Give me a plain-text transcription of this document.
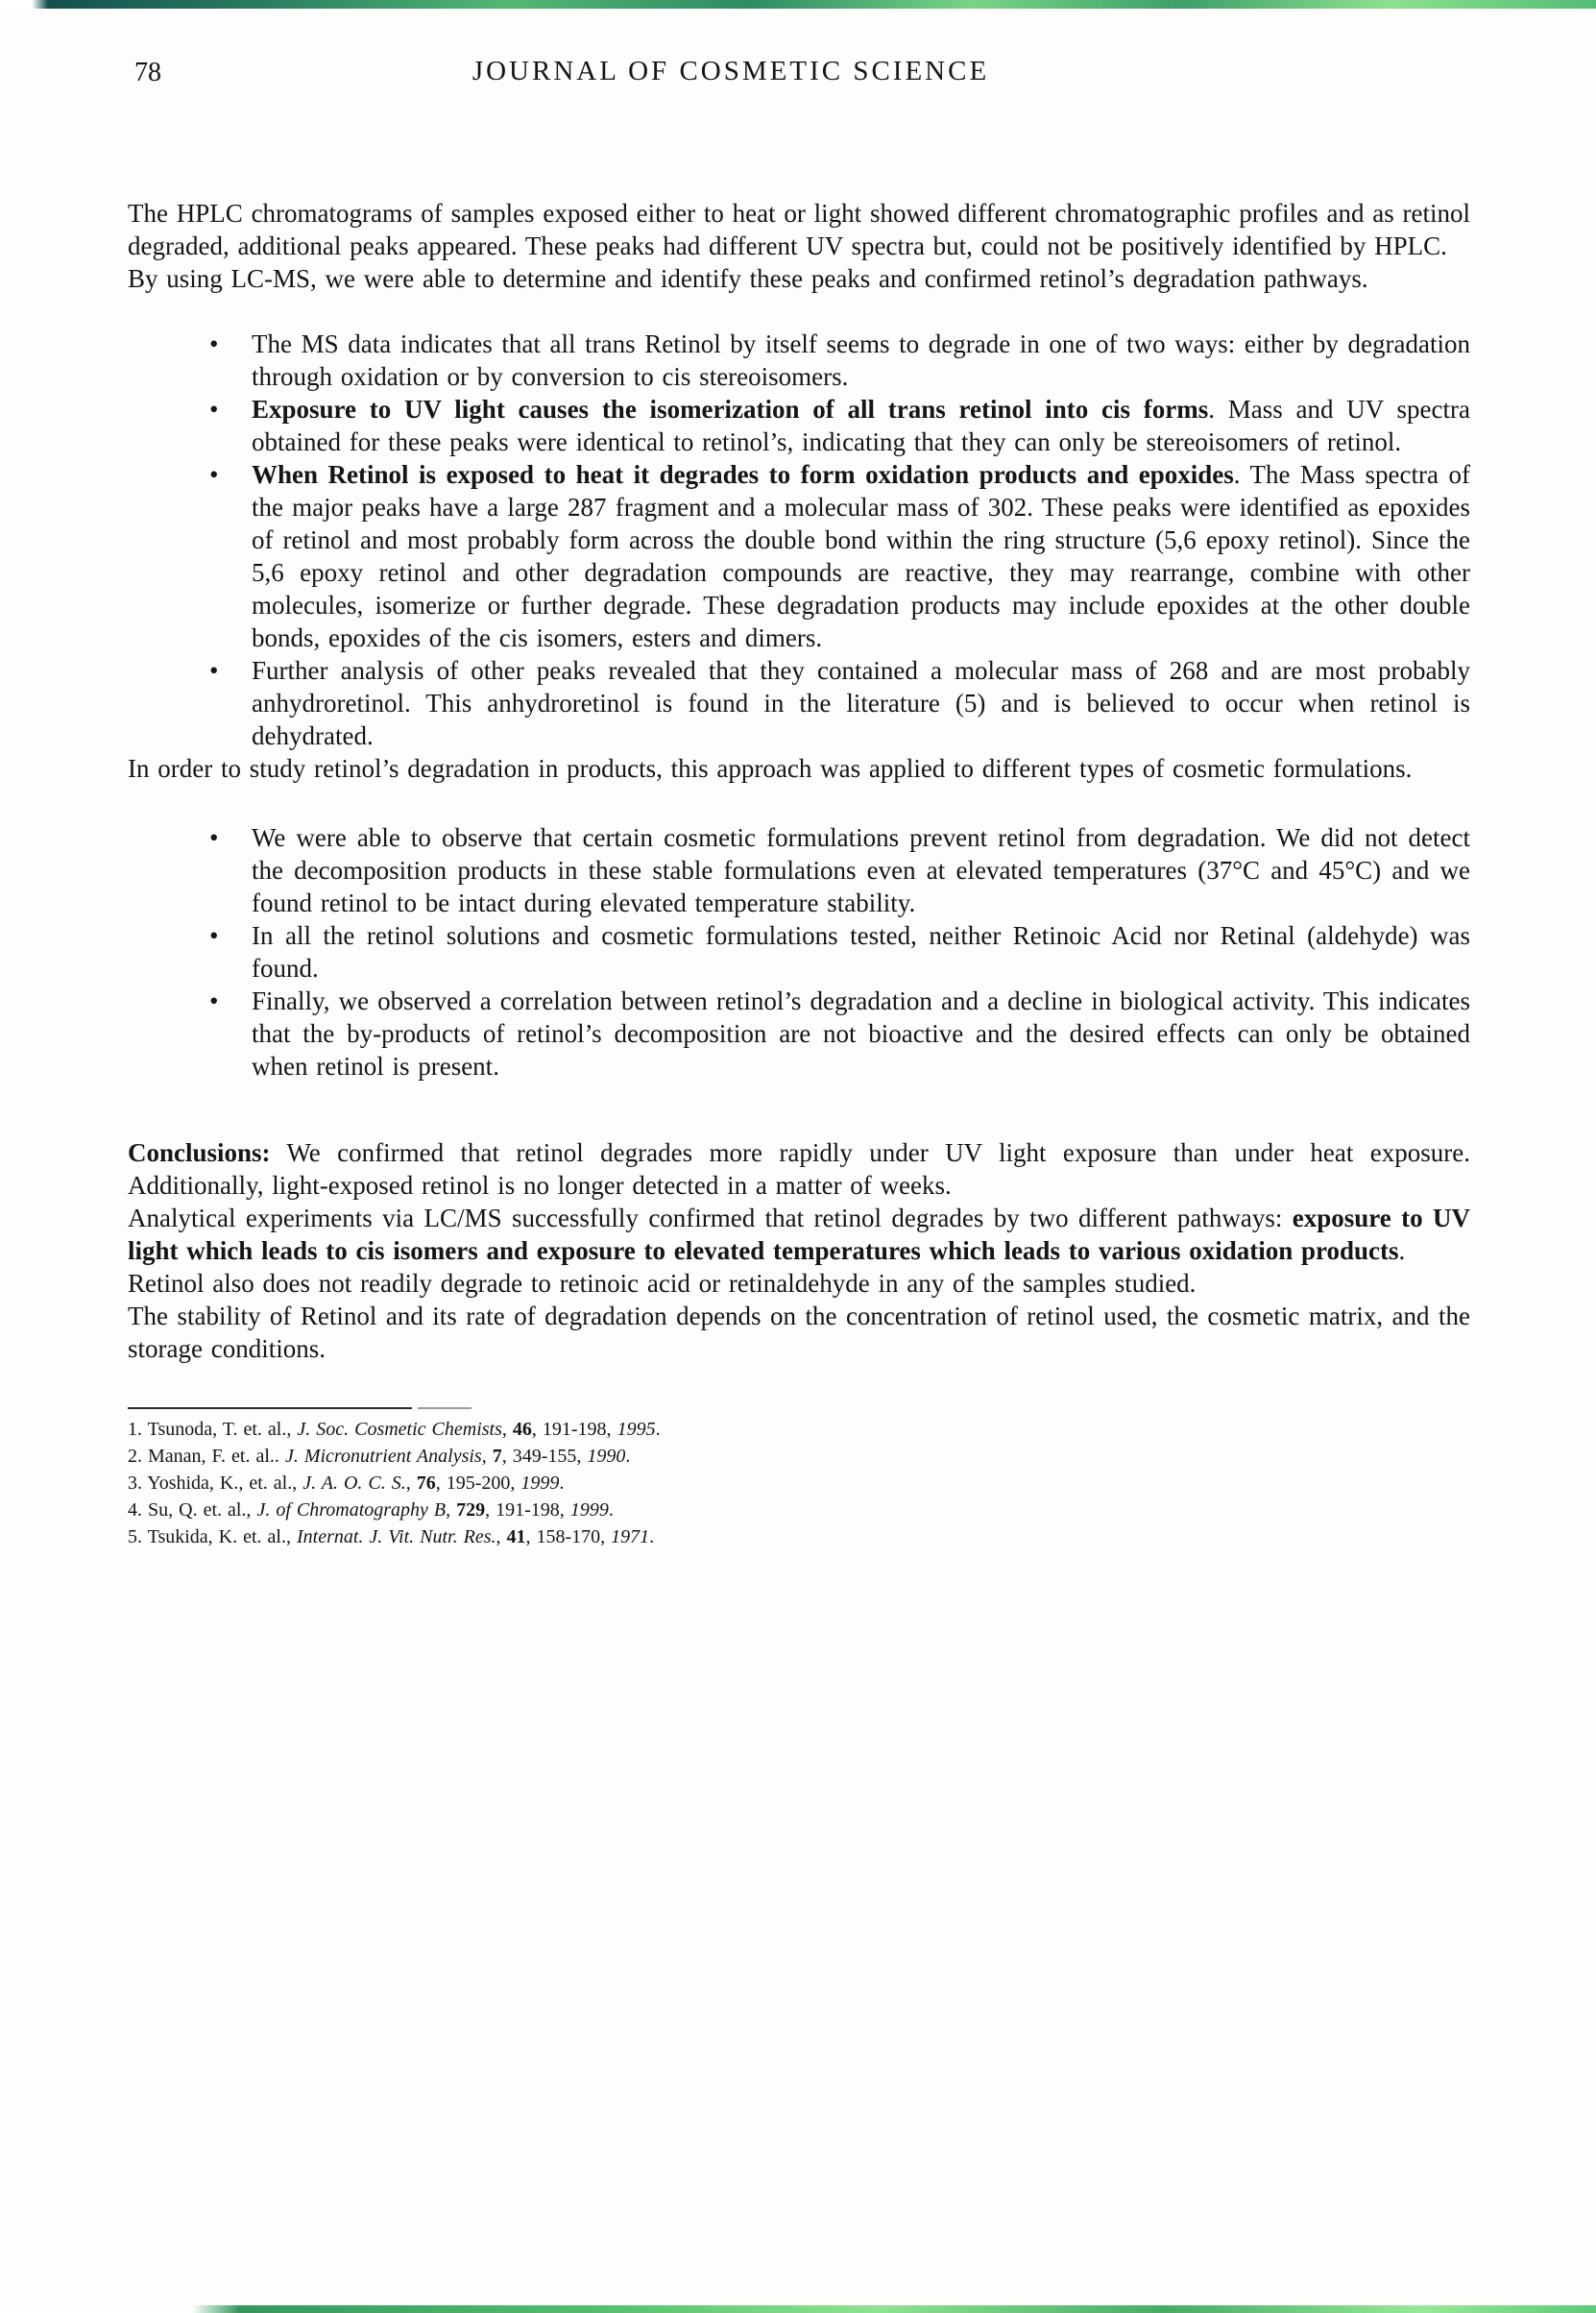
78	JOURNAL OF COSMETIC SCIENCE

The HPLC chromatograms of samples exposed either to heat or light showed different chromatographic profiles and as retinol degraded, additional peaks appeared. These peaks had different UV spectra but, could not be positively identified by HPLC.

By using LC-MS, we were able to determine and identify these peaks and confirmed retinol’s degradation pathways.

•	The MS data indicates that all trans Retinol by itself seems to degrade in one of two ways: either by degradation through oxidation or by conversion to cis stereoisomers.
•	Exposure to UV light causes the isomerization of all trans retinol into cis forms. Mass and UV spectra obtained for these peaks were identical to retinol’s, indicating that they can only be stereoisomers of retinol.
•	When Retinol is exposed to heat it degrades to form oxidation products and epoxides. The Mass spectra of the major peaks have a large 287 fragment and a molecular mass of 302. These peaks were identified as epoxides of retinol and most probably form across the double bond within the ring structure (5,6 epoxy retinol). Since the 5,6 epoxy retinol and other degradation compounds are reactive, they may rearrange, combine with other molecules, isomerize or further degrade. These degradation products may include epoxides at the other double bonds, epoxides of the cis isomers, esters and dimers.
•	Further analysis of other peaks revealed that they contained a molecular mass of 268 and are most probably anhydroretinol. This anhydroretinol is found in the literature (5) and is believed to occur when retinol is dehydrated.

In order to study retinol’s degradation in products, this approach was applied to different types of cosmetic formulations.

•	We were able to observe that certain cosmetic formulations prevent retinol from degradation. We did not detect the decomposition products in these stable formulations even at elevated temperatures (37°C and 45°C) and we found retinol to be intact during elevated temperature stability.
•	In all the retinol solutions and cosmetic formulations tested, neither Retinoic Acid nor Retinal (aldehyde) was found.
•	Finally, we observed a correlation between retinol’s degradation and a decline in biological activity. This indicates that the by-products of retinol’s decomposition are not bioactive and the desired effects can only be obtained when retinol is present.

Conclusions: We confirmed that retinol degrades more rapidly under UV light exposure than under heat exposure. Additionally, light-exposed retinol is no longer detected in a matter of weeks.

Analytical experiments via LC/MS successfully confirmed that retinol degrades by two different pathways: exposure to UV light which leads to cis isomers and exposure to elevated temperatures which leads to various oxidation products.

Retinol also does not readily degrade to retinoic acid or retinaldehyde in any of the samples studied.

The stability of Retinol and its rate of degradation depends on the concentration of retinol used, the cosmetic matrix, and the storage conditions.

1. Tsunoda, T. et. al., J. Soc. Cosmetic Chemists, 46, 191-198, 1995.

2. Manan, F. et. al.. J. Micronutrient Analysis, 7, 349-155, 1990.

3. Yoshida, K., et. al., J. A. O. C. S., 76, 195-200, 1999.

4. Su, Q. et. al., J. of Chromatography B, 729, 191-198, 1999.

5. Tsukida, K. et. al., Internat. J. Vit. Nutr. Res., 41, 158-170, 1971.
